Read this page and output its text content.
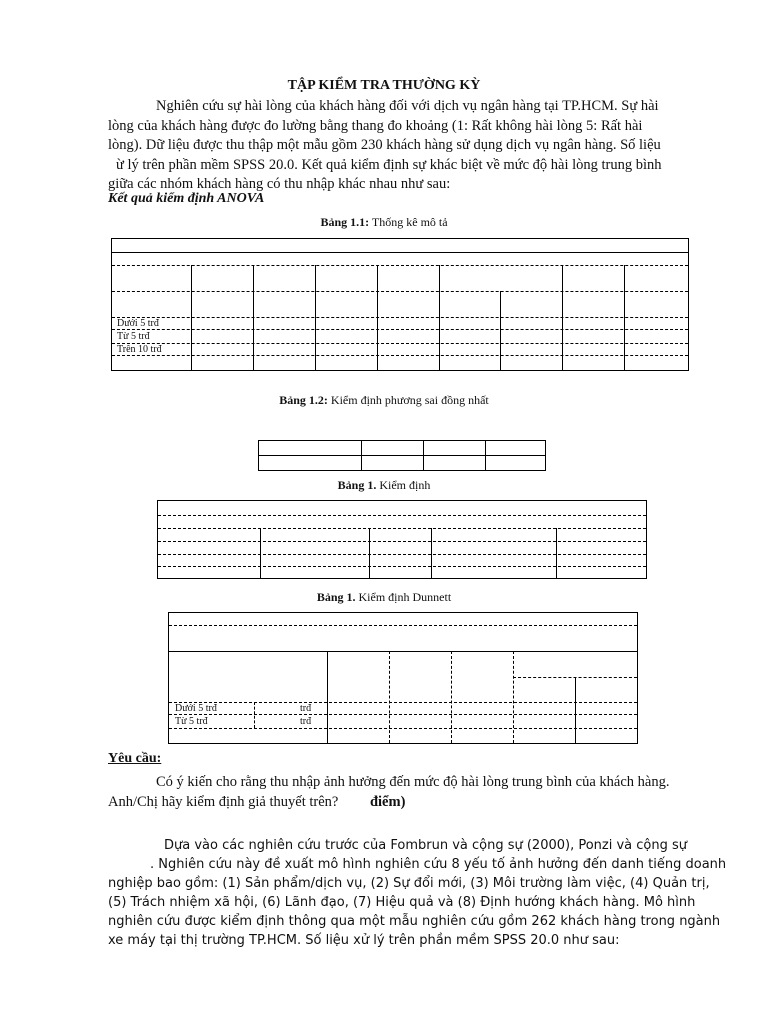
TẬP KIỂM TRA THƯỜNG KỲ
Nghiên cứu sự hài lòng của khách hàng đối với dịch vụ ngân hàng tại TP.HCM. Sự hài
lòng của khách hàng được đo lường bằng thang đo khoảng (1: Rất không hài lòng 5: Rất hài
lòng). Dữ liệu được thu thập một mẫu gồm 230 khách hàng sử dụng dịch vụ ngân hàng. Số liệu
ừ lý trên phần mềm SPSS 20.0. Kết quả kiểm định sự khác biệt về mức độ hài lòng trung bình
giữa các nhóm khách hàng có thu nhập khác nhau như sau:
Kết quả kiểm định ANOVA
Bảng 1.1: Thống kê mô tả
Dưới 5 trđ
Từ 5 trđ
Trên 10 trđ
Bảng 1.2: Kiểm định phương sai đồng nhất
Bảng 1. Kiểm định
Bảng 1. Kiểm định Dunnett
Dưới 5 trđ	trđ
Từ 5 trđ	trđ
Yêu cầu:
Có ý kiến cho rằng thu nhập ảnh hưởng đến mức độ hài lòng trung bình của khách hàng.
Anh/Chị hãy kiểm định giả thuyết trên? điểm)
Dựa vào các nghiên cứu trước của Fombrun và cộng sự (2000), Ponzi và cộng sự
. Nghiên cứu này đề xuất mô hình nghiên cứu 8 yếu tố ảnh hưởng đến danh tiếng doanh
nghiệp bao gồm: (1) Sản phẩm/dịch vụ, (2) Sự đổi mới, (3) Môi trường làm việc, (4) Quản trị,
(5) Trách nhiệm xã hội, (6) Lãnh đạo, (7) Hiệu quả và (8) Định hướng khách hàng. Mô hình
nghiên cứu được kiểm định thông qua một mẫu nghiên cứu gồm 262 khách hàng trong ngành
xe máy tại thị trường TP.HCM. Số liệu xử lý trên phần mềm SPSS 20.0 như sau:
